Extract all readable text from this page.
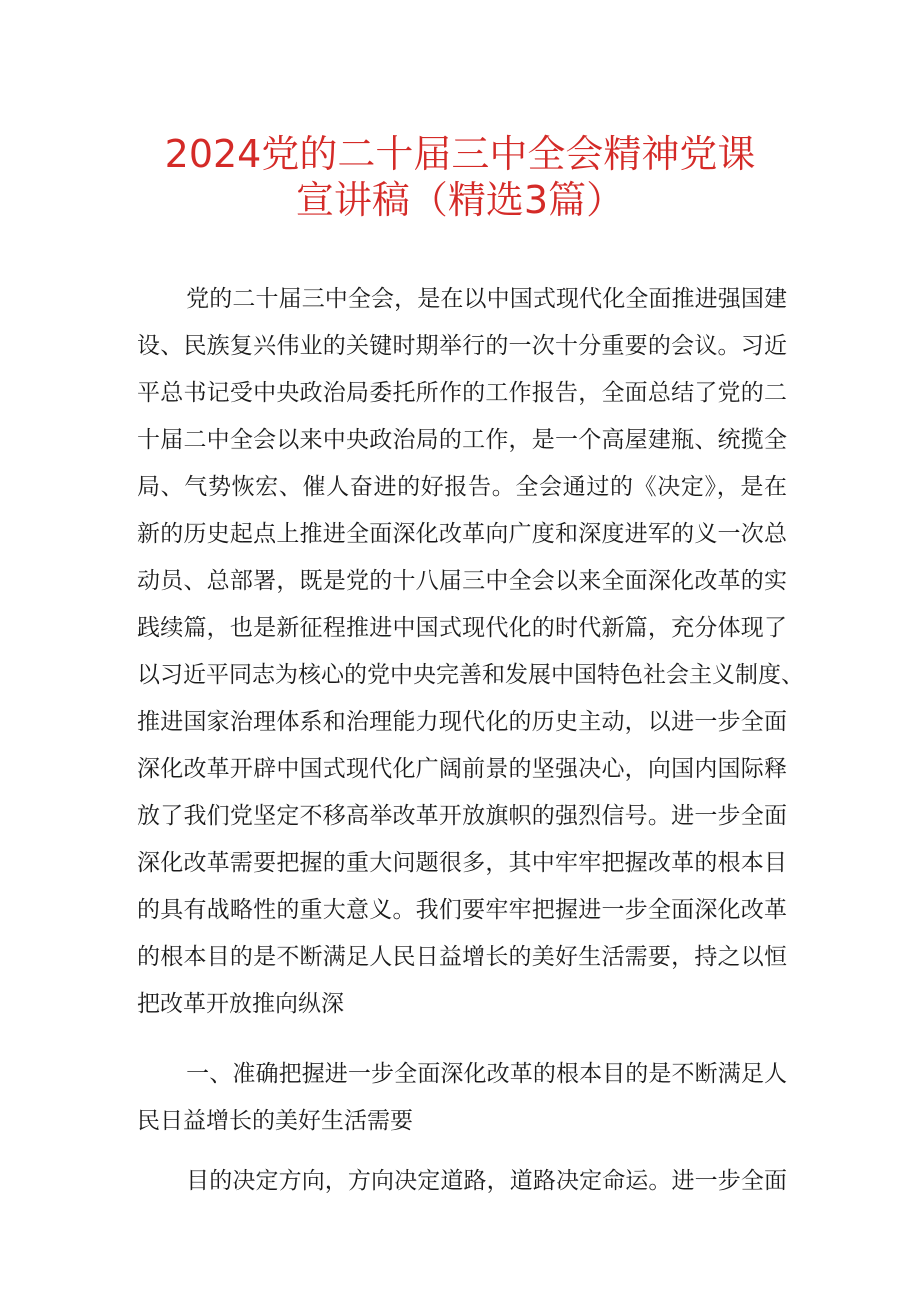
2024党的二十届三中全会精神党课
宣讲稿（精选3篇）
党的二十届三中全会，是在以中国式现代化全面推进强国建
设、民族复兴伟业的关键时期举行的一次十分重要的会议。习近
平总书记受中央政治局委托所作的工作报告，全面总结了党的二
十届二中全会以来中央政治局的工作，是一个高屋建瓶、统揽全
局、气势恢宏、催人奋进的好报告。全会通过的《决定》，是在
新的历史起点上推进全面深化改革向广度和深度进军的义一次总
动员、总部署，既是党的十八届三中全会以来全面深化改革的实
践续篇，也是新征程推进中国式现代化的时代新篇，充分体现了
以习近平同志为核心的党中央完善和发展中国特色社会主义制度、
推进国家治理体系和治理能力现代化的历史主动，以进一步全面
深化改革开辟中国式现代化广阔前景的坚强决心，向国内国际释
放了我们党坚定不移高举改革开放旗帜的强烈信号。进一步全面
深化改革需要把握的重大问题很多，其中牢牢把握改革的根本目
的具有战略性的重大意义。我们要牢牢把握进一步全面深化改革
的根本目的是不断满足人民日益增长的美好生活需要，持之以恒
把改革开放推向纵深
一、准确把握进一步全面深化改革的根本目的是不断满足人
民日益增长的美好生活需要
目的决定方向，方向决定道路，道路决定命运。进一步全面
